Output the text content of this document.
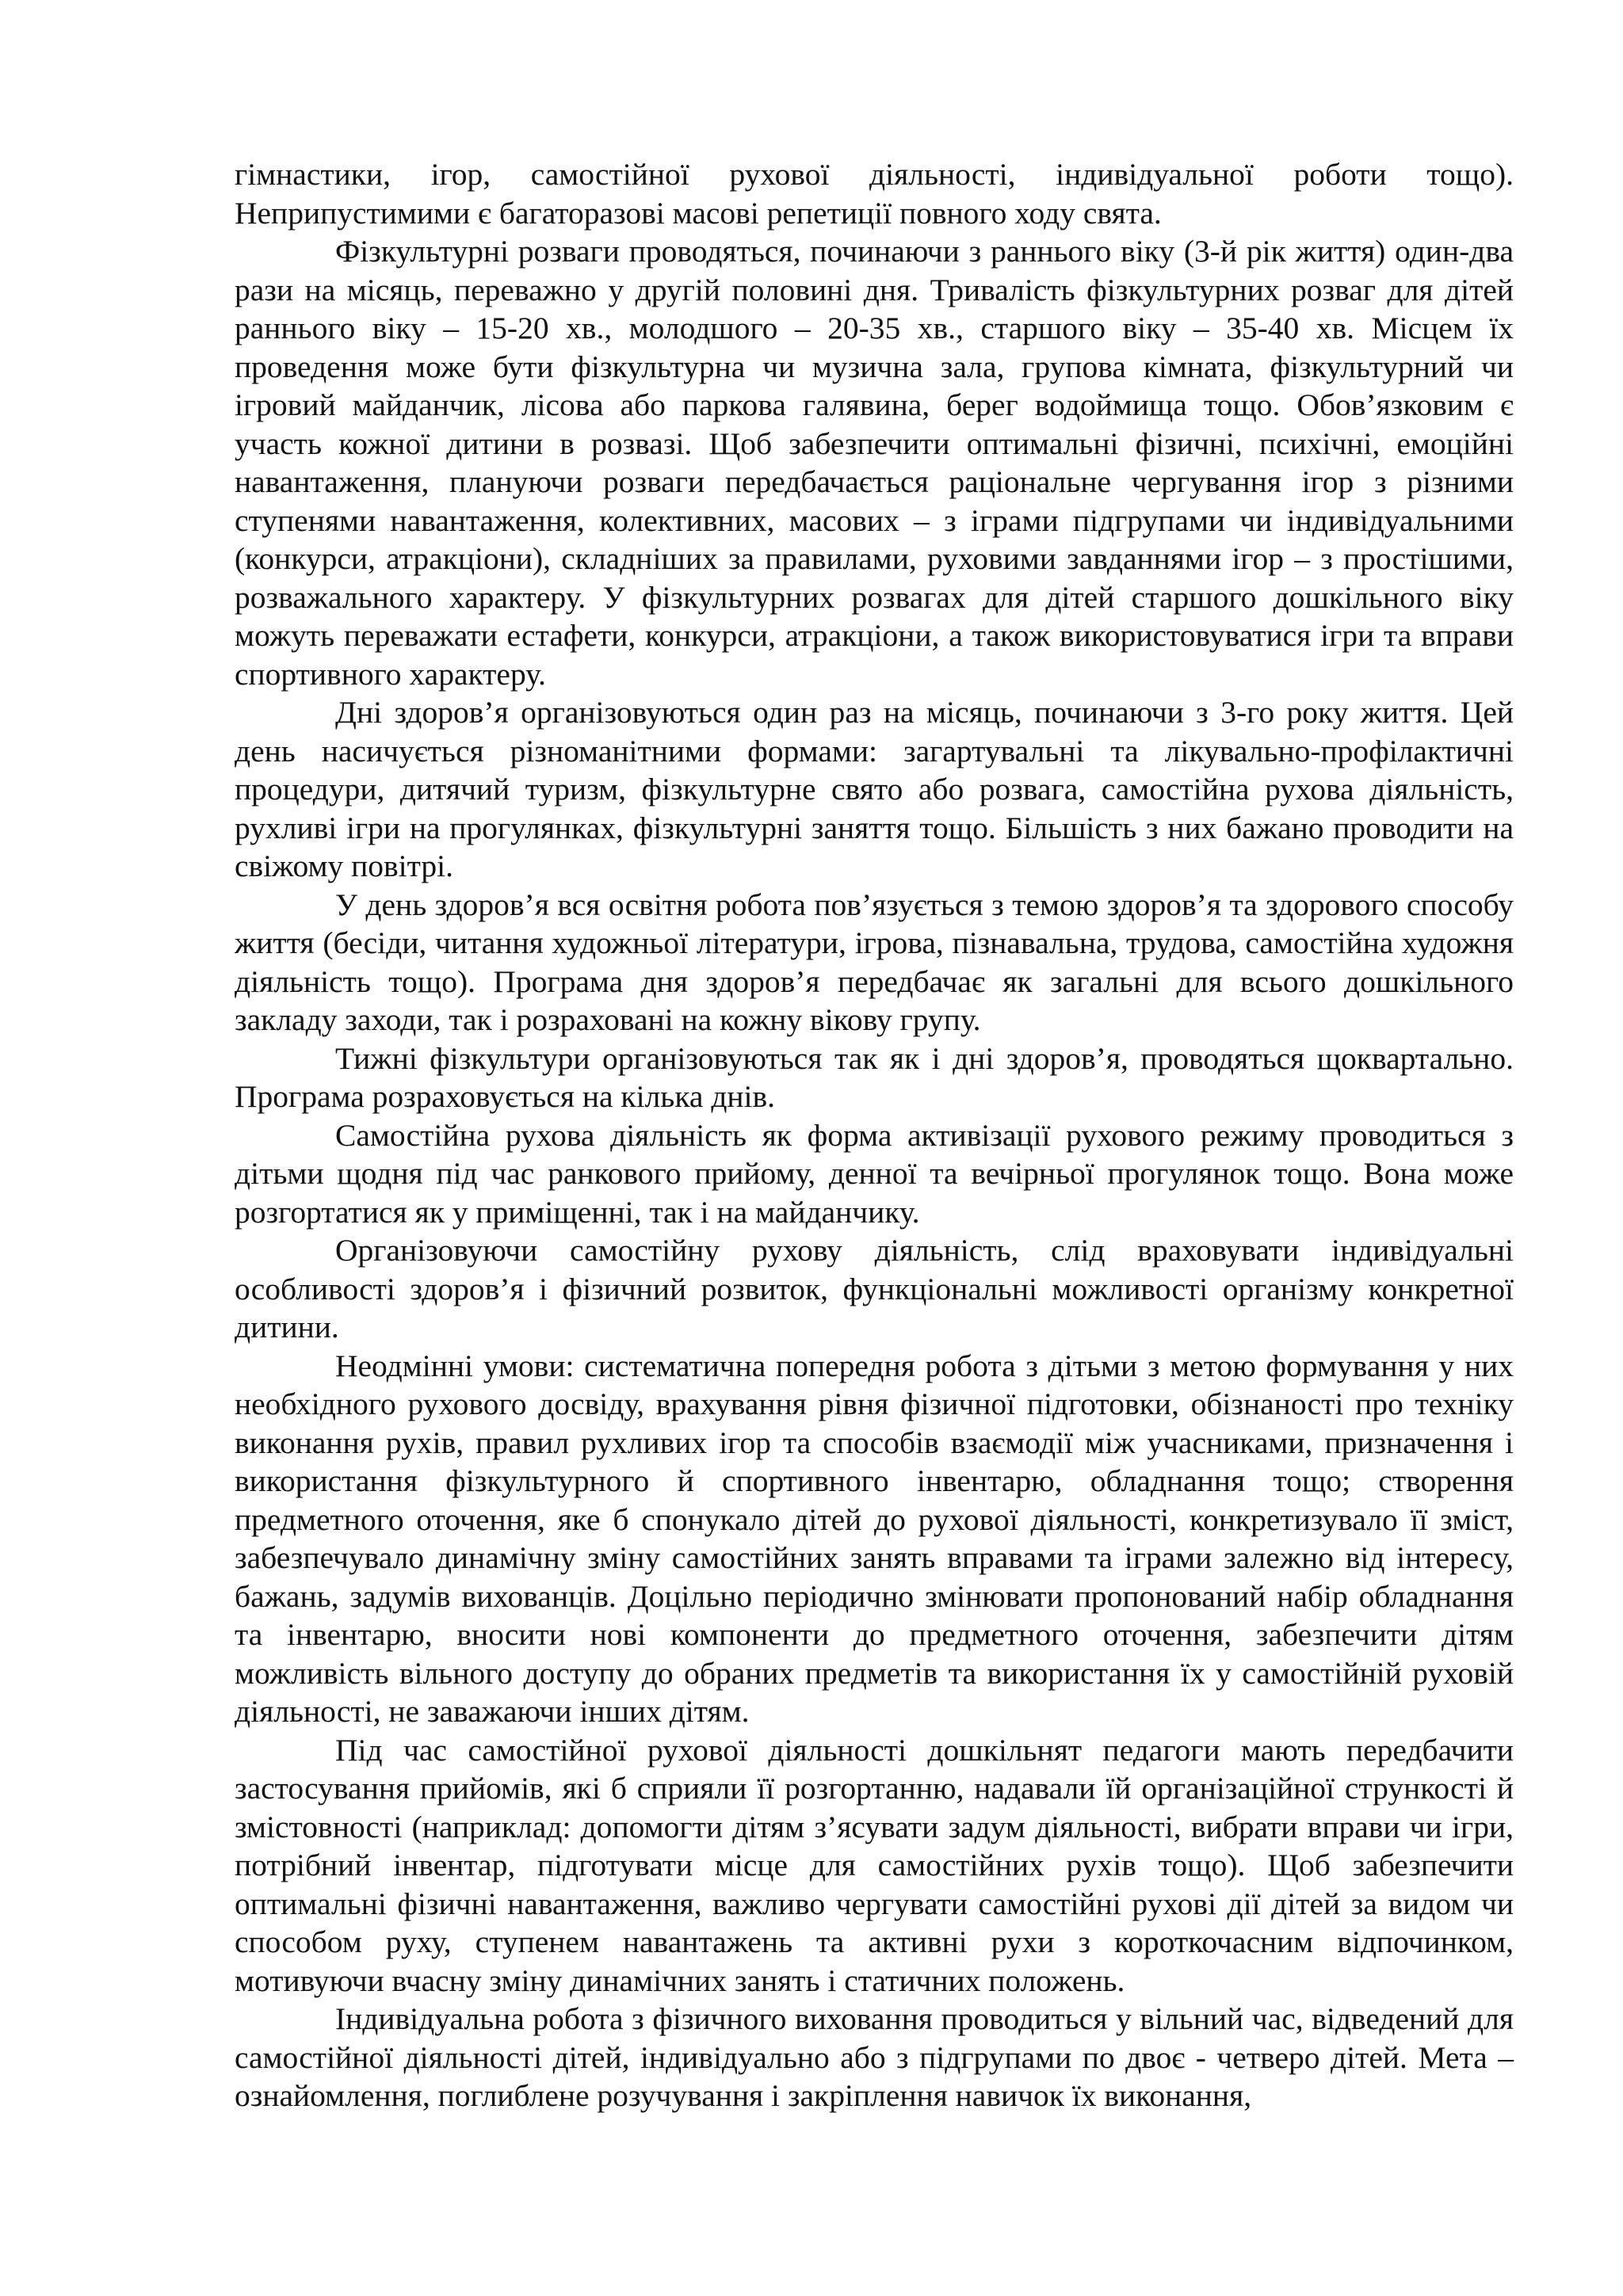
гімнастики, ігор, самостійної рухової діяльності, індивідуальної роботи тощо). Неприпустимими є багаторазові масові репетиції повного ходу свята.

Фізкультурні розваги проводяться, починаючи з раннього віку (3-й рік життя) один-два рази на місяць, переважно у другій половині дня. Тривалість фізкультурних розваг для дітей раннього віку – 15-20 хв., молодшого – 20-35 хв., старшого віку – 35-40 хв. Місцем їх проведення може бути фізкультурна чи музична зала, групова кімната, фізкультурний чи ігровий майданчик, лісова або паркова галявина, берег водоймища тощо. Обов’язковим є участь кожної дитини в розвазі. Щоб забезпечити оптимальні фізичні, психічні, емоційні навантаження, плануючи розваги передбачається раціональне чергування ігор з різними ступенями навантаження, колективних, масових – з іграми підгрупами чи індивідуальними (конкурси, атракціони), складніших за правилами, руховими завданнями ігор – з простішими, розважального характеру. У фізкультурних розвагах для дітей старшого дошкільного віку можуть переважати естафети, конкурси, атракціони, а також використовуватися ігри та вправи спортивного характеру.

Дні здоров’я організовуються один раз на місяць, починаючи з 3-го року життя. Цей день насичується різноманітними формами: загартувальні та лікувально-профілактичні процедури, дитячий туризм, фізкультурне свято або розвага, самостійна рухова діяльність, рухливі ігри на прогулянках, фізкультурні заняття тощо. Більшість з них бажано проводити на свіжому повітрі.

У день здоров’я вся освітня робота пов’язується з темою здоров’я та здорового способу життя (бесіди, читання художньої літератури, ігрова, пізнавальна, трудова, самостійна художня діяльність тощо). Програма дня здоров’я передбачає як загальні для всього дошкільного закладу заходи, так і розраховані на кожну вікову групу.

Тижні фізкультури організовуються так як і дні здоров’я, проводяться щоквартально. Програма розраховується на кілька днів.

Самостійна рухова діяльність як форма активізації рухового режиму проводиться з дітьми щодня під час ранкового прийому, денної та вечірньої прогулянок тощо. Вона може розгортатися як у приміщенні, так і на майданчику.

Організовуючи самостійну рухову діяльність, слід враховувати індивідуальні особливості здоров’я і фізичний розвиток, функціональні можливості організму конкретної дитини.

Неодмінні умови: систематична попередня робота з дітьми з метою формування у них необхідного рухового досвіду, врахування рівня фізичної підготовки, обізнаності про техніку виконання рухів, правил рухливих ігор та способів взаємодії між учасниками, призначення і використання фізкультурного й спортивного інвентарю, обладнання тощо; створення предметного оточення, яке б спонукало дітей до рухової діяльності, конкретизувало її зміст, забезпечувало динамічну зміну самостійних занять вправами та іграми залежно від інтересу, бажань, задумів вихованців. Доцільно періодично змінювати пропонований набір обладнання та інвентарю, вносити нові компоненти до предметного оточення, забезпечити дітям можливість вільного доступу до обраних предметів та використання їх у самостійній руховій діяльності, не заважаючи інших дітям.

Під час самостійної рухової діяльності дошкільнят педагоги мають передбачити застосування прийомів, які б сприяли її розгортанню, надавали їй організаційної стрункості й змістовності (наприклад: допомогти дітям з’ясувати задум діяльності, вибрати вправи чи ігри, потрібний інвентар, підготувати місце для самостійних рухів тощо). Щоб забезпечити оптимальні фізичні навантаження, важливо чергувати самостійні рухові дії дітей за видом чи способом руху, ступенем навантажень та активні рухи з короткочасним відпочинком, мотивуючи вчасну зміну динамічних занять і статичних положень.

Індивідуальна робота з фізичного виховання проводиться у вільний час, відведений для самостійної діяльності дітей, індивідуально або з підгрупами по двоє - четверо дітей. Мета – ознайомлення, поглиблене розучування і закріплення навичок їх виконання,
